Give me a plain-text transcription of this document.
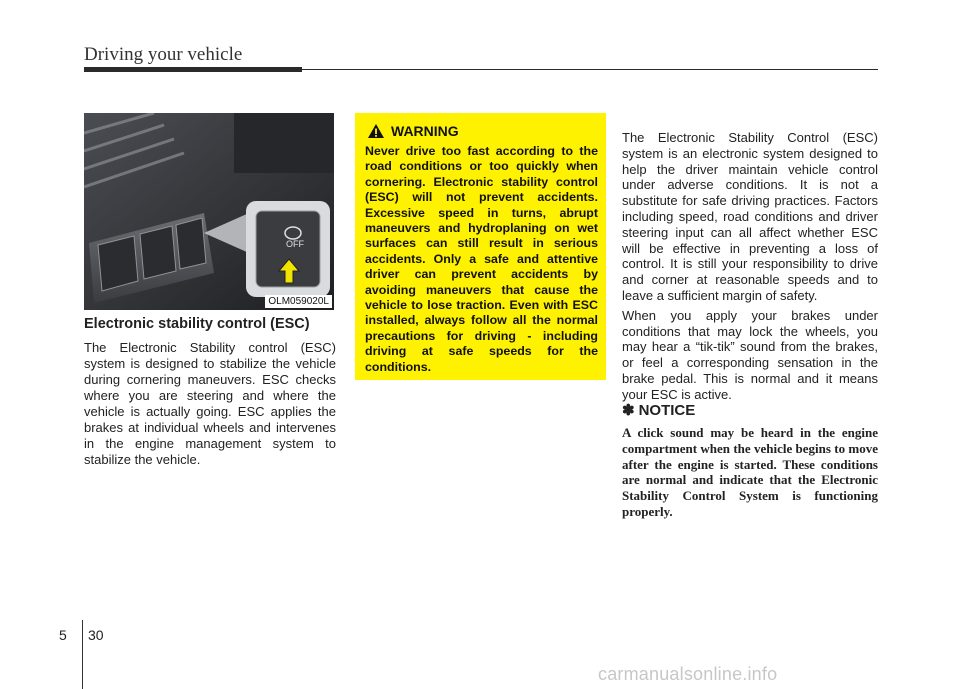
Driving your vehicle
OFF
OLM059020L
Electronic stability control (ESC)
The Electronic Stability control (ESC) system is designed to stabilize the vehicle during cornering maneuvers. ESC checks where you are steering and where the vehicle is actually going. ESC applies the brakes at individual wheels and intervenes in the engine management system to stabilize the vehicle.
WARNING
Never drive too fast according to the road conditions or too quickly when cornering. Electronic stability control (ESC) will not prevent accidents. Excessive speed in turns, abrupt maneuvers and hydroplaning on wet surfaces can still result in serious accidents. Only a safe and attentive driver can prevent accidents by avoiding maneuvers that cause the vehicle to lose traction. Even with ESC installed, always follow all the normal precautions for driving - including driving at safe speeds for the conditions.

The Electronic Stability Control (ESC) system is an electronic system designed to help the driver maintain vehicle control under adverse conditions. It is not a substitute for safe driving practices. Factors including speed, road conditions and driver steering input can all affect whether ESC will be effective in preventing a loss of control. It is still your responsibility to drive and corner at reasonable speeds and to leave a sufficient margin of safety.

When you apply your brakes under conditions that may lock the wheels, you may hear a “tik-tik” sound from the brakes, or feel a corresponding sensation in the brake pedal. This is normal and it means your ESC is active.

✽ NOTICE
A click sound may be heard in the engine compartment when the vehicle begins to move after the engine is started. These conditions are normal and indicate that the Electronic Stability Control System is functioning properly.
5 30
carmanualsonline.info
